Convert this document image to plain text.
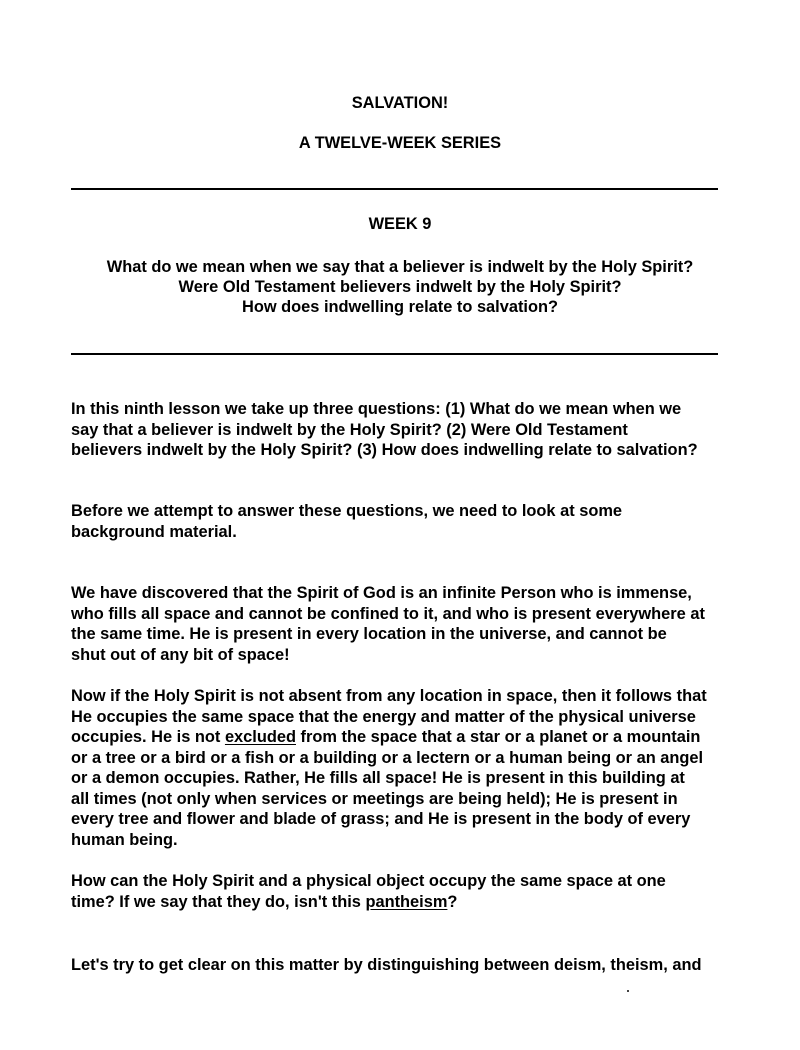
SALVATION!
A TWELVE-WEEK SERIES
WEEK 9
What do we mean when we say that a believer is indwelt by the Holy Spirit?
Were Old Testament believers indwelt by the Holy Spirit?
How does indwelling relate to salvation?
In this ninth lesson we take up three questions: (1) What do we mean when we
say that a believer is indwelt by the Holy Spirit? (2) Were Old Testament
believers indwelt by the Holy Spirit? (3) How does indwelling relate to salvation?
Before we attempt to answer these questions, we need to look at some
background material.
We have discovered that the Spirit of God is an infinite Person who is immense,
who fills all space and cannot be confined to it, and who is present everywhere at
the same time. He is present in every location in the universe, and cannot be
shut out of any bit of space!
Now if the Holy Spirit is not absent from any location in space, then it follows that
He occupies the same space that the energy and matter of the physical universe
occupies. He is not excluded from the space that a star or a planet or a mountain
or a tree or a bird or a fish or a building or a lectern or a human being or an angel
or a demon occupies. Rather, He fills all space! He is present in this building at
all times (not only when services or meetings are being held); He is present in
every tree and flower and blade of grass; and He is present in the body of every
human being.
How can the Holy Spirit and a physical object occupy the same space at one
time? If we say that they do, isn't this pantheism?
Let's try to get clear on this matter by distinguishing between deism, theism, and
